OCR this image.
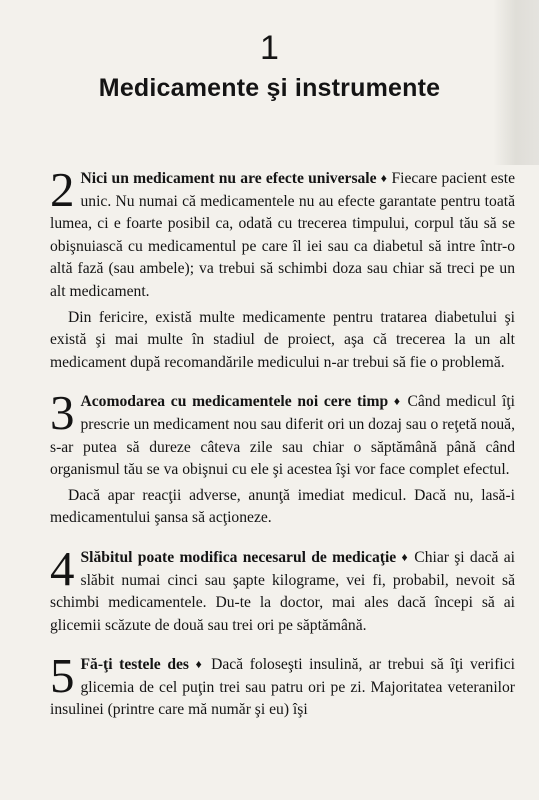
1
Medicamente şi instrumente

2 Nici un medicament nu are efecte universale ♦ Fiecare pacient este unic. Nu numai că medicamentele nu au efecte garantate pentru toată lumea, ci e foarte posibil ca, odată cu trecerea timpului, corpul tău să se obişnuiască cu medicamentul pe care îl iei sau ca diabetul să intre într-o altă fază (sau ambele); va trebui să schimbi doza sau chiar să treci pe un alt medicament.

Din fericire, există multe medicamente pentru tratarea diabetului şi există şi mai multe în stadiul de proiect, aşa că trecerea la un alt medicament după recomandările medicului n-ar trebui să fie o problemă.

3 Acomodarea cu medicamentele noi cere timp ♦ Când medicul îţi prescrie un medicament nou sau diferit ori un dozaj sau o reţetă nouă, s-ar putea să dureze câteva zile sau chiar o săptămână până când organismul tău se va obişnui cu ele şi acestea îşi vor face complet efectul.

Dacă apar reacţii adverse, anunţă imediat medicul. Dacă nu, lasă-i medicamentului şansa să acţioneze.

4 Slăbitul poate modifica necesarul de medicaţie ♦ Chiar şi dacă ai slăbit numai cinci sau şapte kilograme, vei fi, probabil, nevoit să schimbi medicamentele. Du-te la doctor, mai ales dacă începi să ai glicemii scăzute de două sau trei ori pe săptămână.

5 Fă-ţi testele des ♦ Dacă foloseşti insulină, ar trebui să îţi verifici glicemia de cel puţin trei sau patru ori pe zi. Majoritatea veteranilor insulinei (printre care mă număr şi eu) îşi
